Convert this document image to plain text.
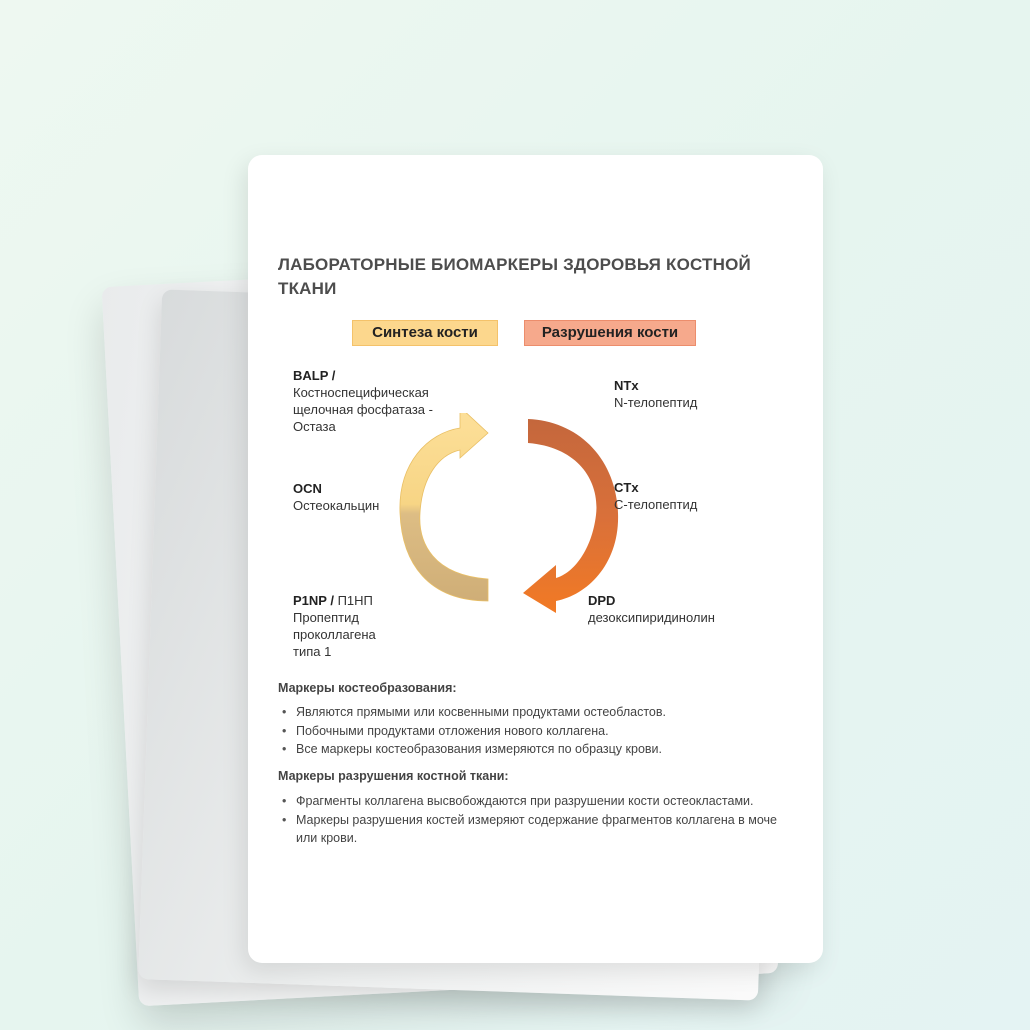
ЛАБОРАТОРНЫЕ БИОМАРКЕРЫ ЗДОРОВЬЯ КОСТНОЙ ТКАНИ
Синтеза кости	Разрушения кости
BALP /
Костноспецифическая
щелочная фосфатаза -
Остаза
OCN
Остеокальцин
P1NP / П1НП
Пропептид
проколлагена
типа 1
NTx
N-телопептид
CTx
C-телопептид
DPD
дезоксипиридинолин
Маркеры костеобразования:
• Являются прямыми или косвенными продуктами остеобластов.
• Побочными продуктами отложения нового коллагена.
• Все маркеры костеобразования измеряются по образцу крови.
Маркеры разрушения костной ткани:
• Фрагменты коллагена высвобождаются при разрушении кости остеокластами.
• Маркеры разрушения костей измеряют содержание фрагментов коллагена в моче или крови.
